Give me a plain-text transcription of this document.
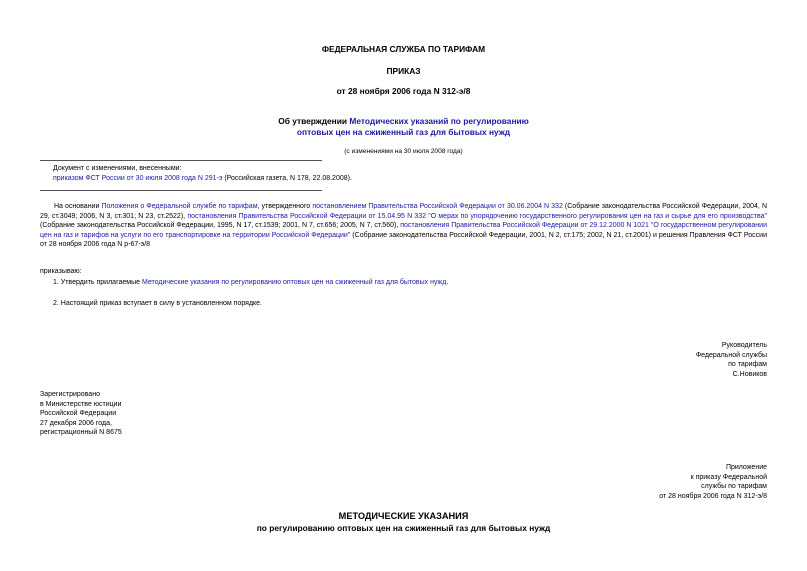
ФЕДЕРАЛЬНАЯ СЛУЖБА ПО ТАРИФАМ
ПРИКАЗ
от 28 ноября 2006 года N 312-э/8
Об утверждении Методических указаний по регулированию
оптовых цен на сжиженный газ для бытовых нужд
(с изменениями на 30 июля 2008 года)
Документ с изменениями, внесенными:
приказом ФСТ России от 30 июля 2008 года N 291-э (Российская газета, N 178, 22.08.2008).
На основании Положения о Федеральной службе по тарифам, утвержденного постановлением Правительства Российской Федерации от 30.06.2004 N 332 (Собрание законодательства Российской Федерации, 2004, N 29, ст.3049; 2006, N 3, ст.301; N 23, ст.2522), постановления Правительства Российской Федерации от 15.04.95 N 332 "О мерах по упорядочению государственного регулирования цен на газ и сырье для его производства" (Собрание законодательства Российской Федерации, 1995, N 17, ст.1539; 2001, N 7, ст.656; 2005, N 7, ст.560), постановления Правительства Российской Федерации от 29.12.2000 N 1021 "О государственном регулировании цен на газ и тарифов на услуги по его транспортировке на территории Российской Федерации" (Собрание законодательства Российской Федерации, 2001, N 2, ст.175; 2002, N 21, ст.2001) и решения Правления ФСТ России от 28 ноября 2006 года N р-67-э/8
приказываю:
1. Утвердить прилагаемые Методические указания по регулированию оптовых цен на сжиженный газ для бытовых нужд.
2. Настоящий приказ вступает в силу в установленном порядке.
Руководитель
Федеральной службы
по тарифам
С.Новиков
Зарегистрировано
в Министерстве юстиции
Российской Федерации
27 декабря 2006 года,
регистрационный N 8675
Приложение
к приказу Федеральной
службы по тарифам
от 28 ноября 2006 года N 312-э/8
МЕТОДИЧЕСКИЕ УКАЗАНИЯ
по регулированию оптовых цен на сжиженный газ для бытовых нужд
